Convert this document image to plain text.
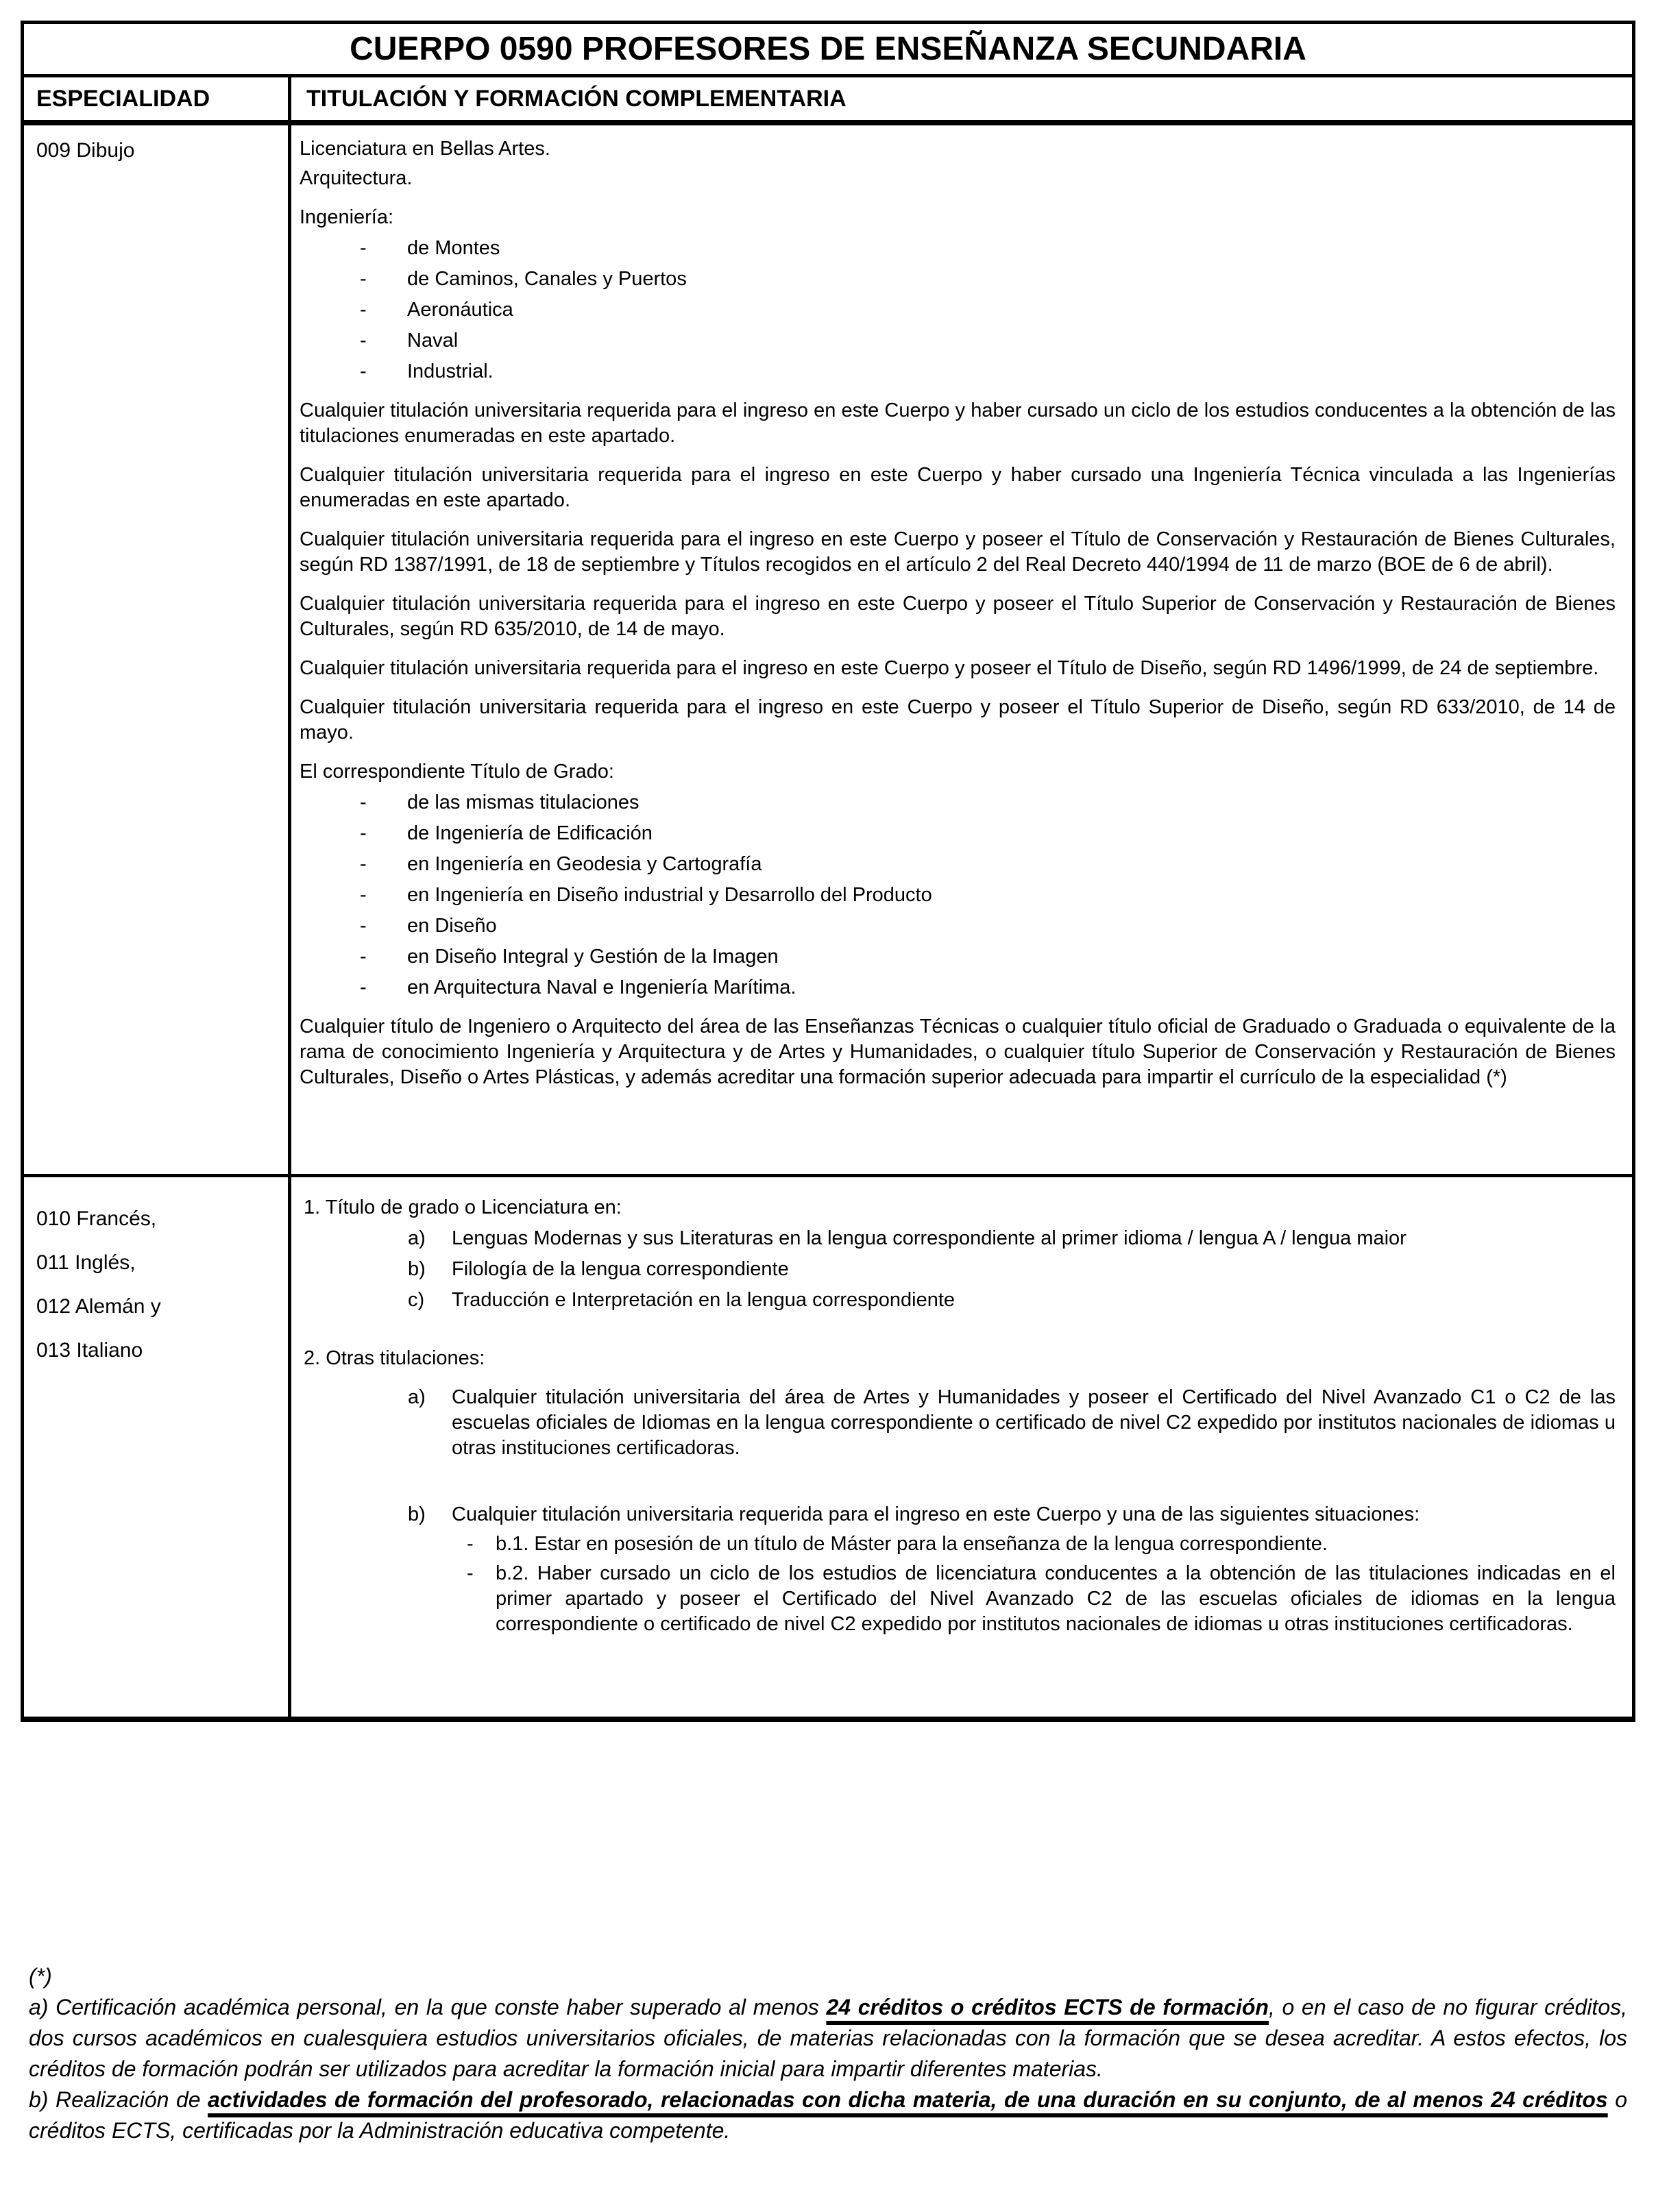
CUERPO 0590 PROFESORES DE ENSEÑANZA SECUNDARIA
ESPECIALIDAD	TITULACIÓN Y FORMACIÓN COMPLEMENTARIA
009 Dibujo	Licenciatura en Bellas Artes.
Arquitectura.
Ingeniería:
- de Montes
- de Caminos, Canales y Puertos
- Aeronáutica
- Naval
- Industrial.
Cualquier titulación universitaria requerida para el ingreso en este Cuerpo y haber cursado un ciclo de los estudios conducentes a la obtención de las titulaciones enumeradas en este apartado.
Cualquier titulación universitaria requerida para el ingreso en este Cuerpo y haber cursado una Ingeniería Técnica vinculada a las Ingenierías enumeradas en este apartado.
Cualquier titulación universitaria requerida para el ingreso en este Cuerpo y poseer el Título de Conservación y Restauración de Bienes Culturales, según RD 1387/1991, de 18 de septiembre y Títulos recogidos en el artículo 2 del Real Decreto 440/1994 de 11 de marzo (BOE de 6 de abril).
Cualquier titulación universitaria requerida para el ingreso en este Cuerpo y poseer el Título Superior de Conservación y Restauración de Bienes Culturales, según RD 635/2010, de 14 de mayo.
Cualquier titulación universitaria requerida para el ingreso en este Cuerpo y poseer el Título de Diseño, según RD 1496/1999, de 24 de septiembre.
Cualquier titulación universitaria requerida para el ingreso en este Cuerpo y poseer el Título Superior de Diseño, según RD 633/2010, de 14 de mayo.
El correspondiente Título de Grado:
- de las mismas titulaciones
- de Ingeniería de Edificación
- en Ingeniería en Geodesia y Cartografía
- en Ingeniería en Diseño industrial y Desarrollo del Producto
- en Diseño
- en Diseño Integral y Gestión de la Imagen
- en Arquitectura Naval e Ingeniería Marítima.
Cualquier título de Ingeniero o Arquitecto del área de las Enseñanzas Técnicas o cualquier título oficial de Graduado o Graduada o equivalente de la rama de conocimiento Ingeniería y Arquitectura y de Artes y Humanidades, o cualquier título Superior de Conservación y Restauración de Bienes Culturales, Diseño o Artes Plásticas, y además acreditar una formación superior adecuada para impartir el currículo de la especialidad (*)
010 Francés,
011 Inglés,
012 Alemán y
013 Italiano
1. Título de grado o Licenciatura en:
a) Lenguas Modernas y sus Literaturas en la lengua correspondiente al primer idioma / lengua A / lengua maior
b) Filología de la lengua correspondiente
c) Traducción e Interpretación en la lengua correspondiente
2. Otras titulaciones:
a) Cualquier titulación universitaria del área de Artes y Humanidades y poseer el Certificado del Nivel Avanzado C1 o C2 de las escuelas oficiales de Idiomas en la lengua correspondiente o certificado de nivel C2 expedido por institutos nacionales de idiomas u otras instituciones certificadoras.
b) Cualquier titulación universitaria requerida para el ingreso en este Cuerpo y una de las siguientes situaciones:
- b.1. Estar en posesión de un título de Máster para la enseñanza de la lengua correspondiente.
- b.2. Haber cursado un ciclo de los estudios de licenciatura conducentes a la obtención de las titulaciones indicadas en el primer apartado y poseer el Certificado del Nivel Avanzado C2 de las escuelas oficiales de idiomas en la lengua correspondiente o certificado de nivel C2 expedido por institutos nacionales de idiomas u otras instituciones certificadoras.
(*)
a) Certificación académica personal, en la que conste haber superado al menos 24 créditos o créditos ECTS de formación, o en el caso de no figurar créditos, dos cursos académicos en cualesquiera estudios universitarios oficiales, de materias relacionadas con la formación que se desea acreditar. A estos efectos, los créditos de formación podrán ser utilizados para acreditar la formación inicial para impartir diferentes materias.
b) Realización de actividades de formación del profesorado, relacionadas con dicha materia, de una duración en su conjunto, de al menos 24 créditos o créditos ECTS, certificadas por la Administración educativa competente.
